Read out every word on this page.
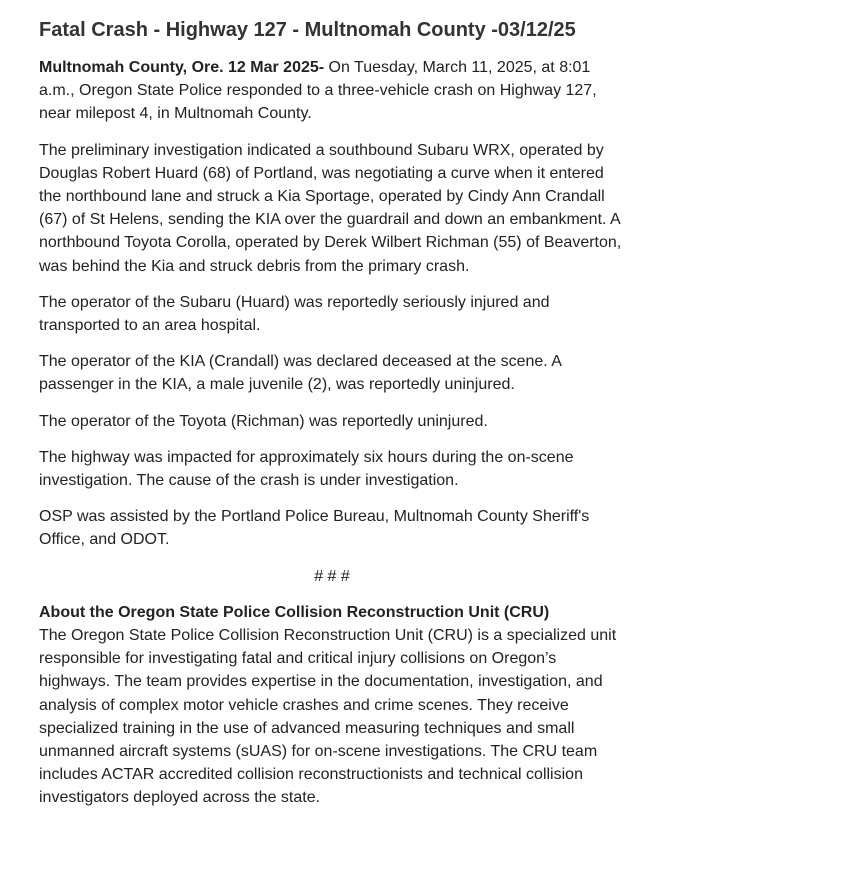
Fatal Crash - Highway 127 - Multnomah County -03/12/25

Multnomah County, Ore. 12 Mar 2025- On Tuesday, March 11, 2025, at 8:01 a.m., Oregon State Police responded to a three-vehicle crash on Highway 127, near milepost 4, in Multnomah County.

The preliminary investigation indicated a southbound Subaru WRX, operated by Douglas Robert Huard (68) of Portland, was negotiating a curve when it entered the northbound lane and struck a Kia Sportage, operated by Cindy Ann Crandall (67) of St Helens, sending the KIA over the guardrail and down an embankment. A northbound Toyota Corolla, operated by Derek Wilbert Richman (55) of Beaverton, was behind the Kia and struck debris from the primary crash.

The operator of the Subaru (Huard) was reportedly seriously injured and transported to an area hospital.

The operator of the KIA (Crandall) was declared deceased at the scene. A passenger in the KIA, a male juvenile (2), was reportedly uninjured.

The operator of the Toyota (Richman) was reportedly uninjured.

The highway was impacted for approximately six hours during the on-scene investigation. The cause of the crash is under investigation.

OSP was assisted by the Portland Police Bureau, Multnomah County Sheriff's Office, and ODOT.

# # #

About the Oregon State Police Collision Reconstruction Unit (CRU)
The Oregon State Police Collision Reconstruction Unit (CRU) is a specialized unit responsible for investigating fatal and critical injury collisions on Oregon’s highways. The team provides expertise in the documentation, investigation, and analysis of complex motor vehicle crashes and crime scenes. They receive specialized training in the use of advanced measuring techniques and small unmanned aircraft systems (sUAS) for on-scene investigations. The CRU team includes ACTAR accredited collision reconstructionists and technical collision investigators deployed across the state.
